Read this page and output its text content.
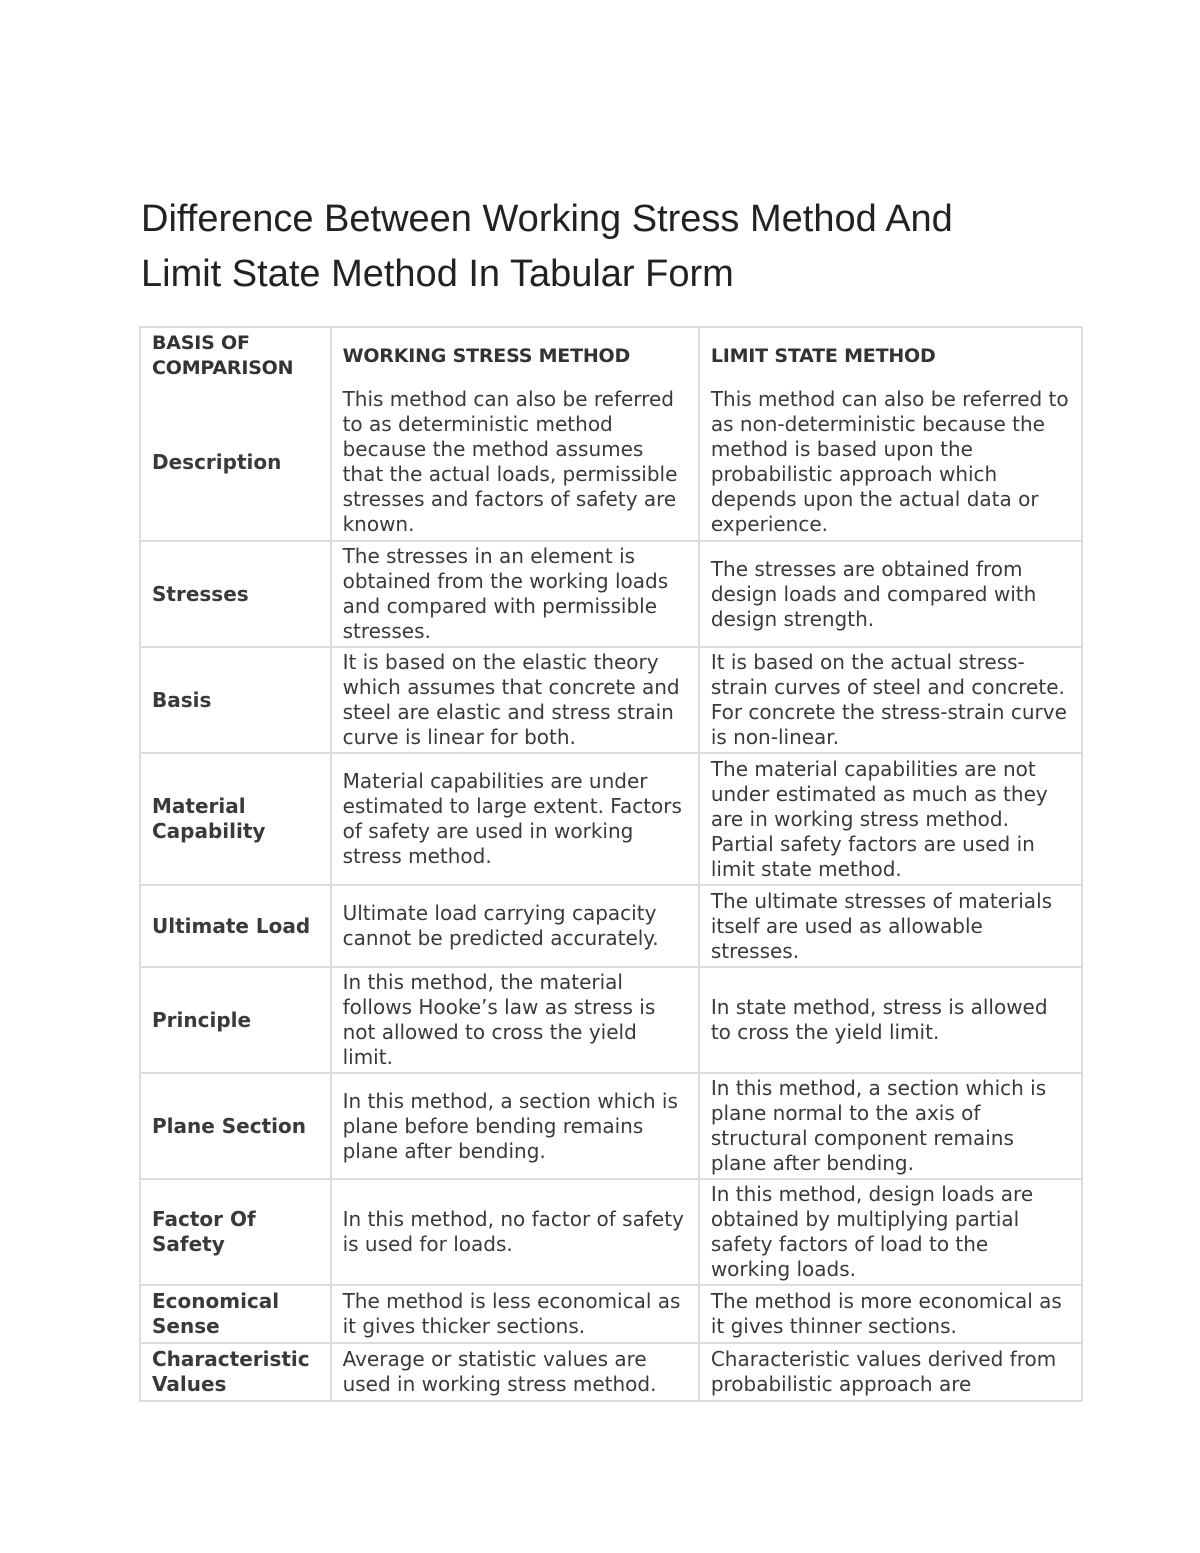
Difference Between Working Stress Method And
Limit State Method In Tabular Form
BASIS OF COMPARISON	WORKING STRESS METHOD	LIMIT STATE METHOD
Description	This method can also be referred to as deterministic method because the method assumes that the actual loads, permissible stresses and factors of safety are known.	This method can also be referred to as non-deterministic because the method is based upon the probabilistic approach which depends upon the actual data or experience.
Stresses	The stresses in an element is obtained from the working loads and compared with permissible stresses.	The stresses are obtained from design loads and compared with design strength.
Basis	It is based on the elastic theory which assumes that concrete and steel are elastic and stress strain curve is linear for both.	It is based on the actual stress-strain curves of steel and concrete. For concrete the stress-strain curve is non-linear.
Material Capability	Material capabilities are under estimated to large extent. Factors of safety are used in working stress method.	The material capabilities are not under estimated as much as they are in working stress method. Partial safety factors are used in limit state method.
Ultimate Load	Ultimate load carrying capacity cannot be predicted accurately.	The ultimate stresses of materials itself are used as allowable stresses.
Principle	In this method, the material follows Hooke’s law as stress is not allowed to cross the yield limit.	In state method, stress is allowed to cross the yield limit.
Plane Section	In this method, a section which is plane before bending remains plane after bending.	In this method, a section which is plane normal to the axis of structural component remains plane after bending.
Factor Of Safety	In this method, no factor of safety is used for loads.	In this method, design loads are obtained by multiplying partial safety factors of load to the working loads.
Economical Sense	The method is less economical as it gives thicker sections.	The method is more economical as it gives thinner sections.
Characteristic Values	Average or statistic values are used in working stress method.	Characteristic values derived from probabilistic approach are
